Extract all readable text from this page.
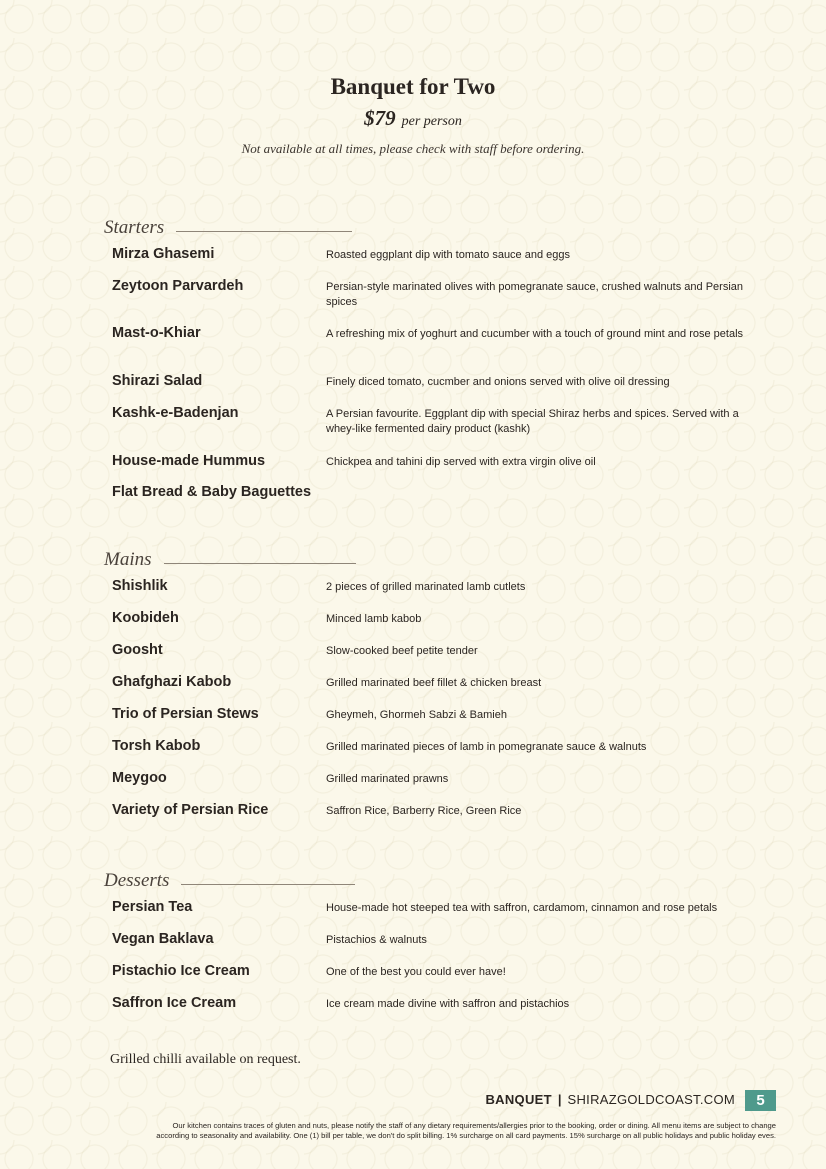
Banquet for Two
$79 per person
Not available at all times, please check with staff before ordering.
Starters
Mirza Ghasemi	Roasted eggplant dip with tomato sauce and eggs
Zeytoon Parvardeh	Persian-style marinated olives with pomegranate sauce, crushed walnuts and Persian spices
Mast-o-Khiar	A refreshing mix of yoghurt and cucumber with a touch of ground mint and rose petals
Shirazi Salad	Finely diced tomato, cucmber and onions served with olive oil dressing
Kashk-e-Badenjan	A Persian favourite. Eggplant dip with special Shiraz herbs and spices. Served with a whey-like fermented dairy product (kashk)
House-made Hummus	Chickpea and tahini dip served with extra virgin olive oil
Flat Bread & Baby Baguettes
Mains
Shishlik	2 pieces of grilled marinated lamb cutlets
Koobideh	Minced lamb kabob
Goosht	Slow-cooked beef petite tender
Ghafghazi Kabob	Grilled marinated beef fillet & chicken breast
Trio of Persian Stews	Gheymeh, Ghormeh Sabzi & Bamieh
Torsh Kabob	Grilled marinated pieces of lamb in pomegranate sauce & walnuts
Meygoo	Grilled marinated prawns
Variety of Persian Rice	Saffron Rice, Barberry Rice, Green Rice
Desserts
Persian Tea	House-made hot steeped tea with saffron, cardamom, cinnamon and rose petals
Vegan Baklava	Pistachios & walnuts
Pistachio Ice Cream	One of the best you could ever have!
Saffron Ice Cream	Ice cream made divine with saffron and pistachios
Grilled chilli available on request.
BANQUET | SHIRAZGOLDCOAST.COM 5
Our kitchen contains traces of gluten and nuts, please notify the staff of any dietary requirements/allergies prior to the booking, order or dining. All menu items are subject to change
according to seasonality and availability. One (1) bill per table, we don't do split billing. 1% surcharge on all card payments. 15% surcharge on all public holidays and public holiday eves.
